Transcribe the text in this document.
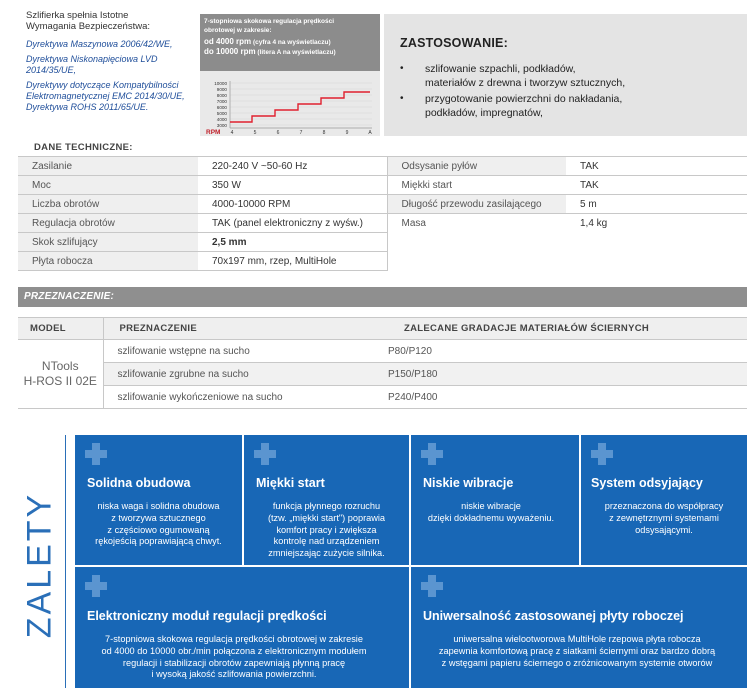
Szlifierka spełnia Istotne
Wymagania Bezpieczeństwa:
Dyrektywa Maszynowa 2006/42/WE,
Dyrektywa Niskonapięciowa LVD
2014/35/UE,
Dyrektywy dotyczące Kompatybilności
Elektromagnetycznej EMC 2014/30/UE,
Dyrektywa ROHS 2011/65/UE.
7-stopniowa skokowa regulacja prędkości
obrotowej w zakresie:
od 4000 rpm (cyfra 4 na wyświetlaczu)
do 10000 rpm (litera A na wyświetlaczu)
10000
9000
8000
7000
6000
5000
4000
3000
RPM 4	5	6	7	8	9	A
ZASTOSOWANIE:
• szlifowanie szpachli, podkładów,
materiałów z drewna i tworzyw sztucznych,
• przygotowanie powierzchni do nakładania,
podkładów, impregnatów,
DANE TECHNICZNE:
Zasilanie	220-240 V ~50-60 Hz	Odsysanie pyłów	TAK
Moc	350 W	Miękki start	TAK
Liczba obrotów	4000-10000 RPM	Długość przewodu zasilającego	5 m
Regulacja obrotów	TAK (panel elektroniczny z wyśw.)	Masa	1,4 kg
Skok szlifujący	2,5 mm		
Płyta robocza	70x197 mm, rzep, MultiHole		
PRZEZNACZENIE:
MODEL	PREZNACZENIE	ZALECANE GRADACJE MATERIAŁÓW ŚCIERNYCH

NTools
H-ROS II 02E	szlifowanie wstępne na sucho	P80/P120
	szlifowanie zgrubne na sucho	P150/P180
	szlifowanie wykończeniowe na sucho	P240/P400
ZALETY
Solidna obudowa

niska waga i solidna obudowa
z tworzywa sztucznego
z częściowo ogumowaną
rękojeścią poprawiającą chwyt.

Miękki start

funkcja płynnego rozruchu
(tzw. „miękki start") poprawia
komfort pracy i zwiększa
kontrolę nad urządzeniem
zmniejszając zużycie silnika.

Niskie wibracje

niskie wibracje
dzięki dokładnemu wyważeniu.

System odsyjający

przeznaczona do współpracy
z zewnętrznymi systemami
odsysającymi.

Elektroniczny moduł regulacji prędkości

7-stopniowa skokowa regulacja prędkości obrotowej w zakresie
od 4000 do 10000 obr./min połączona z elektronicznym modułem
regulacji i stabilizacji obrotów zapewniają płynną pracę
i wysoką jakość szlifowania powierzchni.

Uniwersalność zastosowanej płyty roboczej

uniwersalna wielootworowa MultiHole rzepowa płyta robocza
zapewnia komfortową pracę z siatkami ściernymi oraz bardzo dobrą
z wstęgami papieru ściernego o zróżnicowanym systemie otworów
